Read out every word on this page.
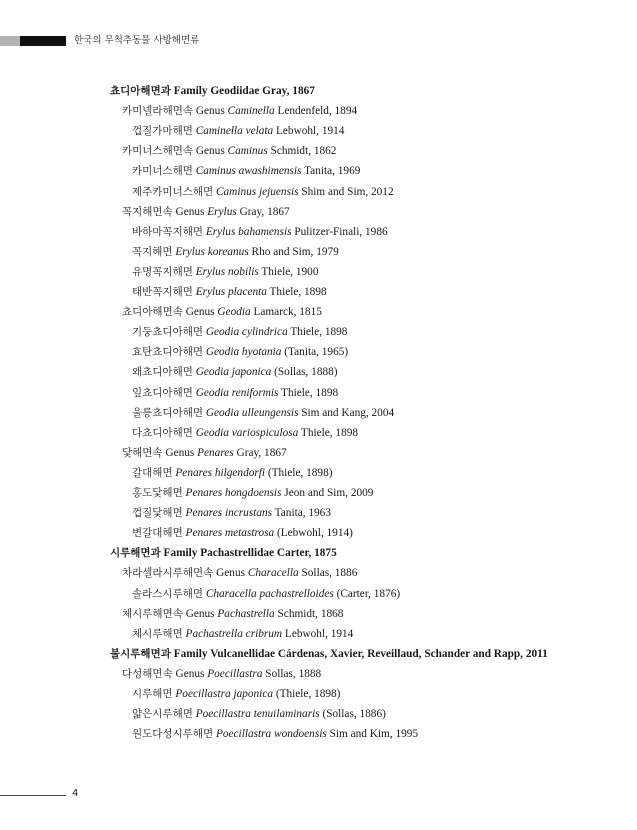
한국의 무척추동물 사방해면류
쵸디아해면과 Family Geodiidae Gray, 1867
카미넬라해면속 Genus Caminella Lendenfeld, 1894
껍질가마해면 Caminella velata Lebwohl, 1914
카미너스해면속 Genus Caminus Schmidt, 1862
카미너스해면 Caminus awashimensis Tanita, 1969
제주카미너스해면 Caminus jejuensis Shim and Sim, 2012
꼭지해면속 Genus Erylus Gray, 1867
바하마꼭지해면 Erylus bahamensis Pulitzer-Finali, 1986
꼭지해면 Erylus koreanus Rho and Sim, 1979
유명꼭지해면 Erylus nobilis Thiele, 1900
태반꼭지해면 Erylus placenta Thiele, 1898
쵸디아해면속 Genus Geodia Lamarck, 1815
기둥쵸디아해면 Geodia cylindrica Thiele, 1898
효탄쵸디아해면 Geodia hyotania (Tanita, 1965)
왜쵸디아해면 Geodia japonica (Sollas, 1888)
잎쵸디아해면 Geodia reniformis Thiele, 1898
울릉쵸디아해면 Geodia ulleungensis Sim and Kang, 2004
다쵸디아해면 Geodia variospiculosa Thiele, 1898
닻해면속 Genus Penares Gray, 1867
갈대해면 Penares hilgendorfi (Thiele, 1898)
홍도닻해면 Penares hongdoensis Jeon and Sim, 2009
껍질닻해면 Penares incrustans Tanita, 1963
변갈대해면 Penares metastrosa (Lebwohl, 1914)
시루해면과 Family Pachastrellidae Carter, 1875
차라셀라시루해면속 Genus Characella Sollas, 1886
솔라스시루해면 Characella pachastrelloides (Carter, 1876)
체시루해면속 Genus Pachastrella Schmidt, 1868
체시루해면 Pachastrella cribrum Lebwohl, 1914
불시루해면과 Family Vulcanellidae Cárdenas, Xavier, Reveillaud, Schander and Rapp, 2011
다성해면속 Genus Poecillastra Sollas, 1888
시루해면 Poecillastra japonica (Thiele, 1898)
얇은시루해면 Poecillastra tenuilaminaris (Sollas, 1886)
원도다성시루해면 Poecillastra wondoensis Sim and Kim, 1995
4
